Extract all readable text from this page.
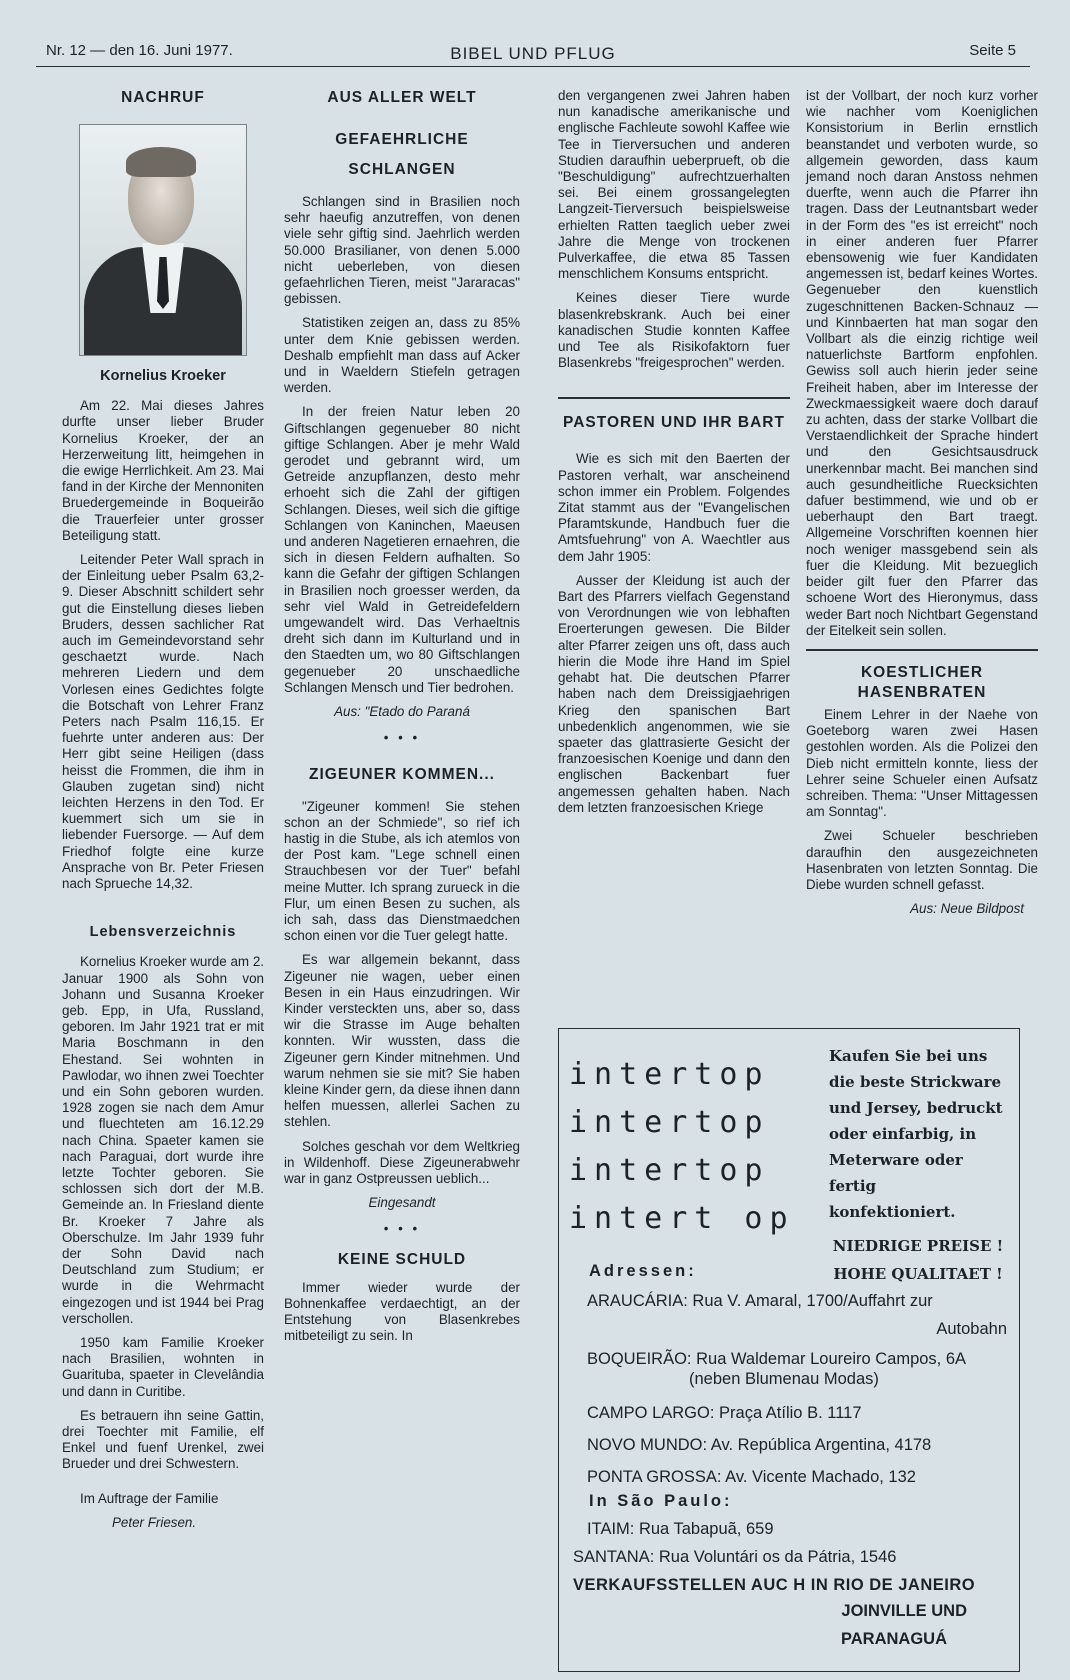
Nr. 12 — den 16. Juni 1977.	BIBEL UND PFLUG	Seite 5
NACHRUF
Kornelius Kroeker

Am 22. Mai dieses Jahres durfte unser lieber Bruder Kornelius Kroeker, der an Herzerweitung litt, heimgehen in die ewige Herrlichkeit. Am 23. Mai fand in der Kirche der Mennoniten Bruedergemeinde in Boqueirão die Trauerfeier unter grosser Beteiligung statt.

Leitender Peter Wall sprach in der Einleitung ueber Psalm 63,2-9. Dieser Abschnitt schildert sehr gut die Einstellung dieses lieben Bruders, dessen sachlicher Rat auch im Gemeindevorstand sehr geschaetzt wurde. Nach mehreren Liedern und dem Vorlesen eines Gedichtes folgte die Botschaft von Lehrer Franz Peters nach Psalm 116,15. Er fuehrte unter anderen aus: Der Herr gibt seine Heiligen (dass heisst die Frommen, die ihm in Glauben zugetan sind) nicht leichten Herzens in den Tod. Er kuemmert sich um sie in liebender Fuersorge. — Auf dem Friedhof folgte eine kurze Ansprache von Br. Peter Friesen nach Sprueche 14,32.

Lebensverzeichnis

Kornelius Kroeker wurde am 2. Januar 1900 als Sohn von Johann und Susanna Kroeker geb. Epp, in Ufa, Russland, geboren. Im Jahr 1921 trat er mit Maria Boschmann in den Ehestand. Sei wohnten in Pawlodar, wo ihnen zwei Toechter und ein Sohn geboren wurden. 1928 zogen sie nach dem Amur und fluechteten am 16.12.29 nach China. Spaeter kamen sie nach Paraguai, dort wurde ihre letzte Tochter geboren. Sie schlossen sich dort der M.B. Gemeinde an. In Friesland diente Br. Kroeker 7 Jahre als Oberschulze. Im Jahr 1939 fuhr der Sohn David nach Deutschland zum Studium; er wurde in die Wehrmacht eingezogen und ist 1944 bei Prag verschollen.

1950 kam Familie Kroeker nach Brasilien, wohnten in Guarituba, spaeter in Clevelândia und dann in Curitibe.

Es betrauern ihn seine Gattin, drei Toechter mit Familie, elf Enkel und fuenf Urenkel, zwei Brueder und drei Schwestern.

Im Auftrage der Familie

Peter Friesen.

AUS ALLER WELT
GEFAEHRLICHE
SCHLANGEN

Schlangen sind in Brasilien noch sehr haeufig anzutreffen, von denen viele sehr giftig sind. Jaehrlich werden 50.000 Brasilianer, von denen 5.000 nicht ueberleben, von diesen gefaehrlichen Tieren, meist "Jararacas" gebissen.

Statistiken zeigen an, dass zu 85% unter dem Knie gebissen werden. Deshalb empfiehlt man dass auf Acker und in Waeldern Stiefeln getragen werden.

In der freien Natur leben 20 Giftschlangen gegenueber 80 nicht giftige Schlangen. Aber je mehr Wald gerodet und gebrannt wird, um Getreide anzupflanzen, desto mehr erhoeht sich die Zahl der giftigen Schlangen. Dieses, weil sich die giftige Schlangen von Kaninchen, Maeusen und anderen Nagetieren ernaehren, die sich in diesen Feldern aufhalten. So kann die Gefahr der giftigen Schlangen in Brasilien noch groesser werden, da sehr viel Wald in Getreidefeldern umgewandelt wird. Das Verhaeltnis dreht sich dann im Kulturland und in den Staedten um, wo 80 Giftschlangen gegenueber 20 unschaedliche Schlangen Mensch und Tier bedrohen.

Aus: "Etado do Paraná
• • •
ZIGEUNER KOMMEN...

"Zigeuner kommen! Sie stehen schon an der Schmiede", so rief ich hastig in die Stube, als ich atemlos von der Post kam. "Lege schnell einen Strauchbesen vor der Tuer" befahl meine Mutter. Ich sprang zurueck in die Flur, um einen Besen zu suchen, als ich sah, dass das Dienstmaedchen schon einen vor die Tuer gelegt hatte.

Es war allgemein bekannt, dass Zigeuner nie wagen, ueber einen Besen in ein Haus einzudringen. Wir Kinder versteckten uns, aber so, dass wir die Strasse im Auge behalten konnten. Wir wussten, dass die Zigeuner gern Kinder mitnehmen. Und warum nehmen sie sie mit? Sie haben kleine Kinder gern, da diese ihnen dann helfen muessen, allerlei Sachen zu stehlen.

Solches geschah vor dem Weltkrieg in Wildenhoff. Diese Zigeunerabwehr war in ganz Ostpreussen ueblich...

Eingesandt
• • •
KEINE SCHULD

Immer wieder wurde der Bohnenkaffee verdaechtigt, an der Entstehung von Blasenkrebes mitbeteiligt zu sein. In

den vergangenen zwei Jahren haben nun kanadische amerikanische und englische Fachleute sowohl Kaffee wie Tee in Tierversuchen und anderen Studien daraufhin ueberprueft, ob die "Beschuldigung" aufrechtzuerhalten sei. Bei einem grossangelegten Langzeit-Tierversuch beispielsweise erhielten Ratten taeglich ueber zwei Jahre die Menge von trockenen Pulverkaffee, die etwa 85 Tassen menschlichem Konsums entspricht.

Keines dieser Tiere wurde blasenkrebskrank. Auch bei einer kanadischen Studie konnten Kaffee und Tee als Risikofaktorn fuer Blasenkrebs "freigesprochen" werden.

PASTOREN UND IHR BART

Wie es sich mit den Baerten der Pastoren verhalt, war anscheinend schon immer ein Problem. Folgendes Zitat stammt aus der "Evangelischen Pfaramtskunde, Handbuch fuer die Amtsfuehrung" von A. Waechtler aus dem Jahr 1905:

Ausser der Kleidung ist auch der Bart des Pfarrers vielfach Gegenstand von Verordnungen wie von lebhaften Eroerterungen gewesen. Die Bilder alter Pfarrer zeigen uns oft, dass auch hierin die Mode ihre Hand im Spiel gehabt hat. Die deutschen Pfarrer haben nach dem Dreissigjaehrigen Krieg den spanischen Bart unbedenklich angenommen, wie sie spaeter das glattrasierte Gesicht der franzoesischen Koenige und dann den englischen Backenbart fuer angemessen gehalten haben. Nach dem letzten franzoesischen Kriege

ist der Vollbart, der noch kurz vorher wie nachher vom Koeniglichen Konsistorium in Berlin ernstlich beanstandet und verboten wurde, so allgemein geworden, dass kaum jemand noch daran Anstoss nehmen duerfte, wenn auch die Pfarrer ihn tragen. Dass der Leutnantsbart weder in der Form des "es ist erreicht" noch in einer anderen fuer Pfarrer ebensowenig wie fuer Kandidaten angemessen ist, bedarf keines Wortes. Gegenueber den kuenstlich zugeschnittenen Backen-Schnauz — und Kinnbaerten hat man sogar den Vollbart als die einzig richtige weil natuerlichste Bartform enpfohlen. Gewiss soll auch hierin jeder seine Freiheit haben, aber im Interesse der Zweckmaessigkeit waere doch darauf zu achten, dass der starke Vollbart die Verstaendlichkeit der Sprache hindert und den Gesichtsausdruck unerkennbar macht. Bei manchen sind auch gesundheitliche Ruecksichten dafuer bestimmend, wie und ob er ueberhaupt den Bart traegt. Allgemeine Vorschriften koennen hier noch weniger massgebend sein als fuer die Kleidung. Mit bezueglich beider gilt fuer den Pfarrer das schoene Wort des Hieronymus, dass weder Bart noch Nichtbart Gegenstand der Eitelkeit sein sollen.

KOESTLICHER HASENBRATEN

Einem Lehrer in der Naehe von Goeteborg waren zwei Hasen gestohlen worden. Als die Polizei den Dieb nicht ermitteln konnte, liess der Lehrer seine Schueler einen Aufsatz schreiben. Thema: "Unser Mittagessen am Sonntag".

Zwei Schueler beschrieben daraufhin den ausgezeichneten Hasenbraten von letzten Sonntag. Die Diebe wurden schnell gefasst.

Aus: Neue Bildpost
intertop
intertop
intertop
intert op
Kaufen Sie bei uns die beste Strickware und Jersey, bedruckt oder einfarbig, in Meterware oder fertig konfektioniert.
NIEDRIGE PREISE !
HOHE QUALITAET !
Adressen:
ARAUCÁRIA: Rua V. Amaral, 1700/Auffahrt zur
Autobahn
BOQUEIRÃO: Rua Waldemar Loureiro Campos, 6A
(neben Blumenau Modas)
CAMPO LARGO: Praça Atílio B. 1117
NOVO MUNDO: Av. República Argentina, 4178
PONTA GROSSA: Av. Vicente Machado, 132
In São Paulo:
ITAIM: Rua Tabapuã, 659
SANTANA: Rua Voluntári os da Pátria, 1546
VERKAUFSSTELLEN AUC H IN RIO DE JANEIRO
JOINVILLE UND
PARANAGUÁ
